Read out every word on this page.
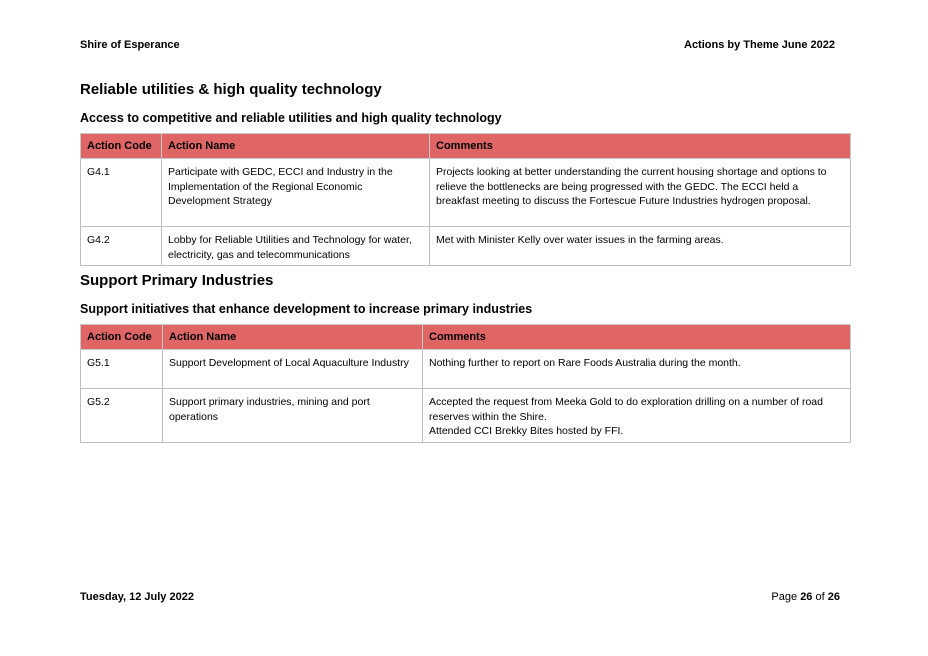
Shire of Esperance	Actions by Theme June 2022
Reliable utilities & high quality technology
Access to competitive and reliable utilities and high quality technology
Action Code	Action Name	Comments
G4.1	Participate with GEDC, ECCI and Industry in the Implementation of the Regional Economic Development Strategy	Projects looking at better understanding the current housing shortage and options to relieve the bottlenecks are being progressed with the GEDC. The ECCI held a breakfast meeting to discuss the Fortescue Future Industries hydrogen proposal.

G4.2	Lobby for Reliable Utilities and Technology for water, electricity, gas and telecommunications	Met with Minister Kelly over water issues in the farming areas.
Support Primary Industries
Support initiatives that enhance development to increase primary industries
Action Code	Action Name	Comments
G5.1	Support Development of Local Aquaculture Industry	Nothing further to report on Rare Foods Australia during the month.

G5.2	Support primary industries, mining and port operations	Accepted the request from Meeka Gold to do exploration drilling on a number of road reserves within the Shire.
Attended CCI Brekky Bites hosted by FFI.
Tuesday, 12 July 2022	Page 26 of 26
